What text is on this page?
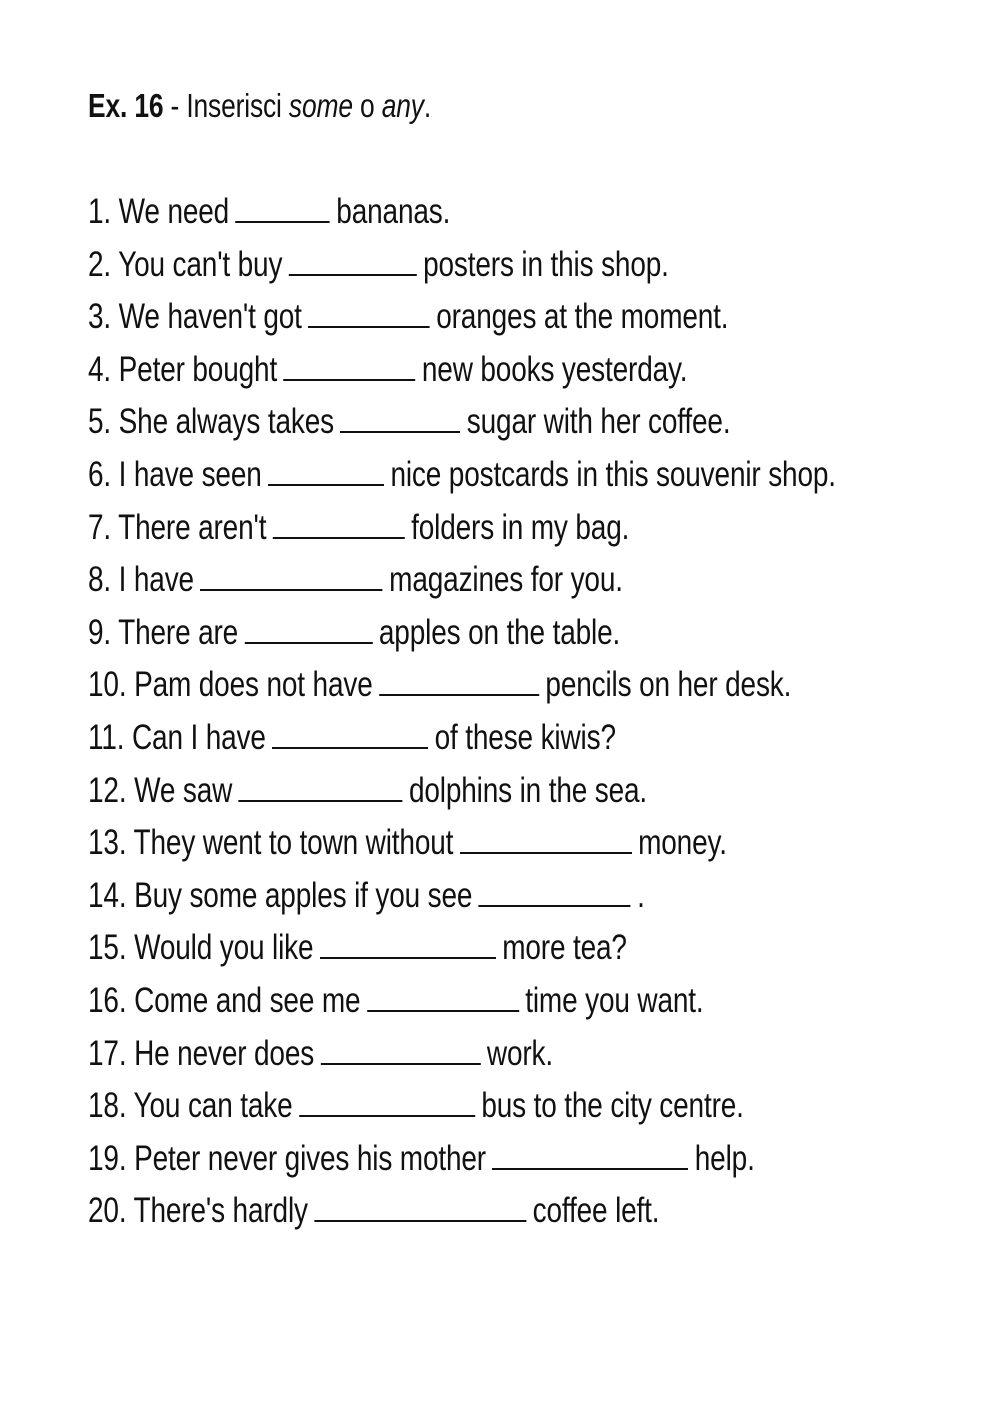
Ex. 16 - Inserisci some o any.
1. We need	bananas.
2. You can't buy	posters in this shop.
3. We haven't got	oranges at the moment.
4. Peter bought	new books yesterday.
5. She always takes	sugar with her coffee.
6. I have seen	nice postcards in this souvenir shop.
7. There aren't	folders in my bag.
8. I have	magazines for you.
9. There are	apples on the table.
10. Pam does not have	pencils on her desk.
11. Can I have	of these kiwis?
12. We saw	dolphins in the sea.
13. They went to town without	money.
14. Buy some apples if you see	.
15. Would you like	more tea?
16. Come and see me	time you want.
17. He never does	work.
18. You can take	bus to the city centre.
19. Peter never gives his mother	help.
20. There's hardly	coffee left.
